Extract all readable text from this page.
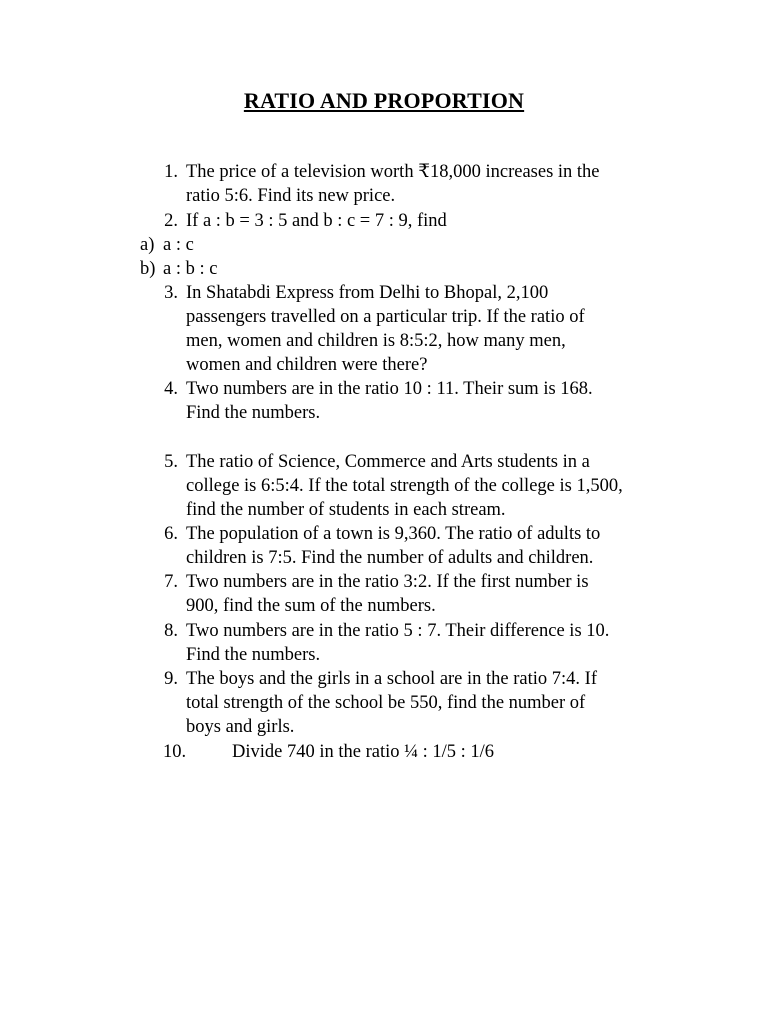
RATIO AND PROPORTION
1. The price of a television worth ₹18,000 increases in the
ratio 5:6. Find its new price.
2. If a : b = 3 : 5 and b : c = 7 : 9, find
a) a : c
b) a : b : c
3. In Shatabdi Express from Delhi to Bhopal, 2,100
passengers travelled on a particular trip. If the ratio of
men, women and children is 8:5:2, how many men,
women and children were there?
4. Two numbers are in the ratio 10 : 11. Their sum is 168.
Find the numbers.
5. The ratio of Science, Commerce and Arts students in a
college is 6:5:4. If the total strength of the college is 1,500,
find the number of students in each stream.
6. The population of a town is 9,360. The ratio of adults to
children is 7:5. Find the number of adults and children.
7. Two numbers are in the ratio 3:2. If the first number is
900, find the sum of the numbers.
8. Two numbers are in the ratio 5 : 7. Their difference is 10.
Find the numbers.
9. The boys and the girls in a school are in the ratio 7:4. If
total strength of the school be 550, find the number of
boys and girls.
10. Divide 740 in the ratio ¼ : 1/5 : 1/6
